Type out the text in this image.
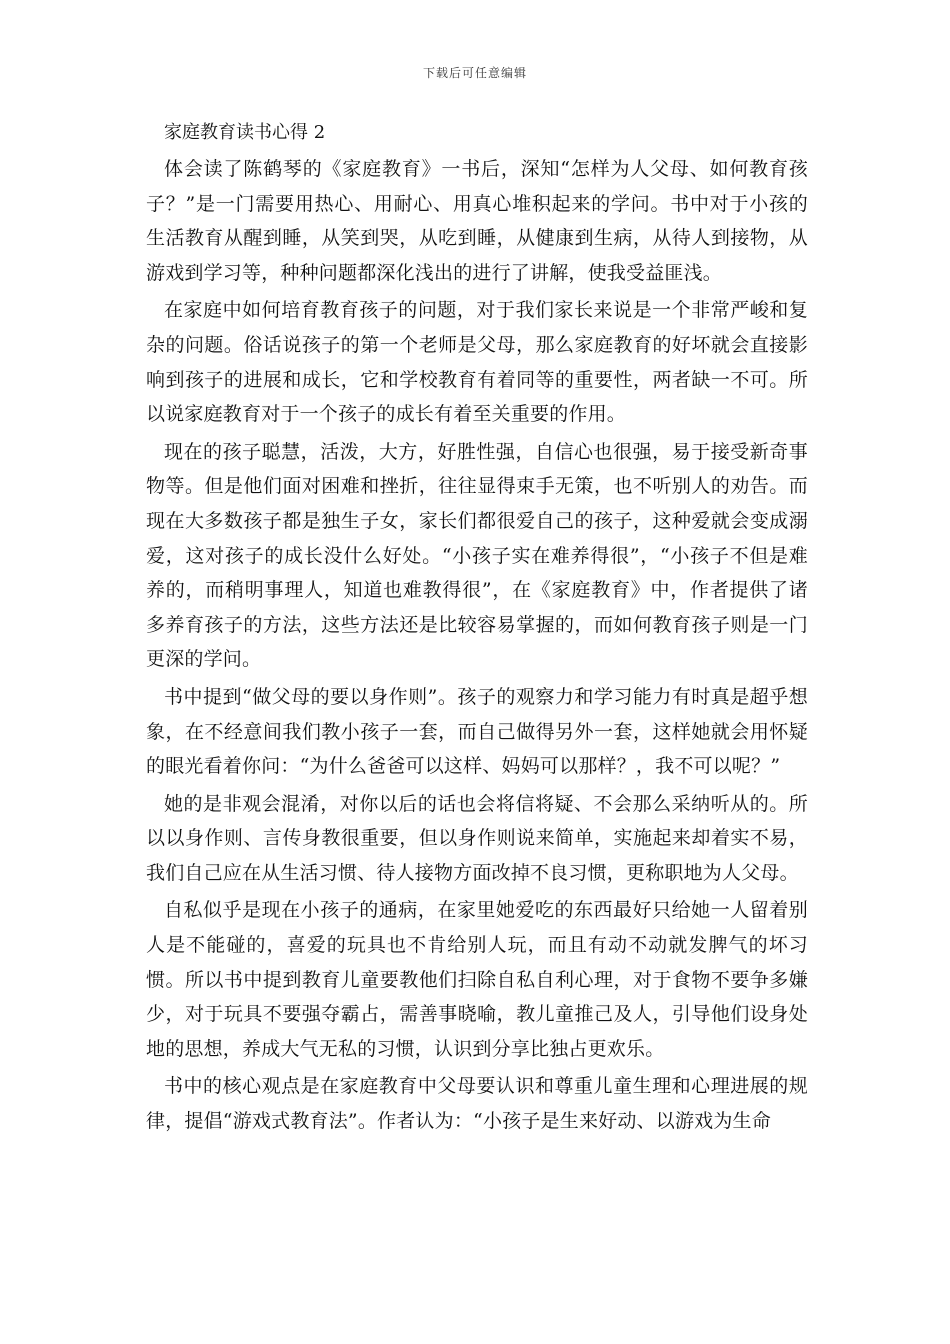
下载后可任意编辑
家庭教育读书心得 2

体会读了陈鹤琴的《家庭教育》一书后，深知“怎样为人父母、如何教育孩子？”是一门需要用热心、用耐心、用真心堆积起来的学问。书中对于小孩的生活教育从醒到睡，从笑到哭，从吃到睡，从健康到生病，从待人到接物，从游戏到学习等，种种问题都深化浅出的进行了讲解，使我受益匪浅。

在家庭中如何培育教育孩子的问题，对于我们家长来说是一个非常严峻和复杂的问题。俗话说孩子的第一个老师是父母，那么家庭教育的好坏就会直接影响到孩子的进展和成长，它和学校教育有着同等的重要性，两者缺一不可。所以说家庭教育对于一个孩子的成长有着至关重要的作用。

现在的孩子聪慧，活泼，大方，好胜性强，自信心也很强，易于接受新奇事物等。但是他们面对困难和挫折，往往显得束手无策，也不听别人的劝告。而现在大多数孩子都是独生子女，家长们都很爱自己的孩子，这种爱就会变成溺爱，这对孩子的成长没什么好处。“小孩子实在难养得很”，“小孩子不但是难养的，而稍明事理人，知道也难教得很”，在《家庭教育》中，作者提供了诸多养育孩子的方法，这些方法还是比较容易掌握的，而如何教育孩子则是一门更深的学问。

书中提到“做父母的要以身作则”。孩子的观察力和学习能力有时真是超乎想象，在不经意间我们教小孩子一套，而自己做得另外一套，这样她就会用怀疑的眼光看着你问：“为什么爸爸可以这样、妈妈可以那样？，我不可以呢？”

她的是非观会混淆，对你以后的话也会将信将疑、不会那么采纳听从的。所以以身作则、言传身教很重要，但以身作则说来简单，实施起来却着实不易，我们自己应在从生活习惯、待人接物方面改掉不良习惯，更称职地为人父母。

自私似乎是现在小孩子的通病，在家里她爱吃的东西最好只给她一人留着别人是不能碰的，喜爱的玩具也不肯给别人玩，而且有动不动就发脾气的坏习惯。所以书中提到教育儿童要教他们扫除自私自利心理，对于食物不要争多嫌少，对于玩具不要强夺霸占，需善事晓喻，教儿童推己及人，引导他们设身处地的思想，养成大气无私的习惯，认识到分享比独占更欢乐。

书中的核心观点是在家庭教育中父母要认识和尊重儿童生理和心理进展的规律，提倡“游戏式教育法”。作者认为：“小孩子是生来好动、以游戏为生命
